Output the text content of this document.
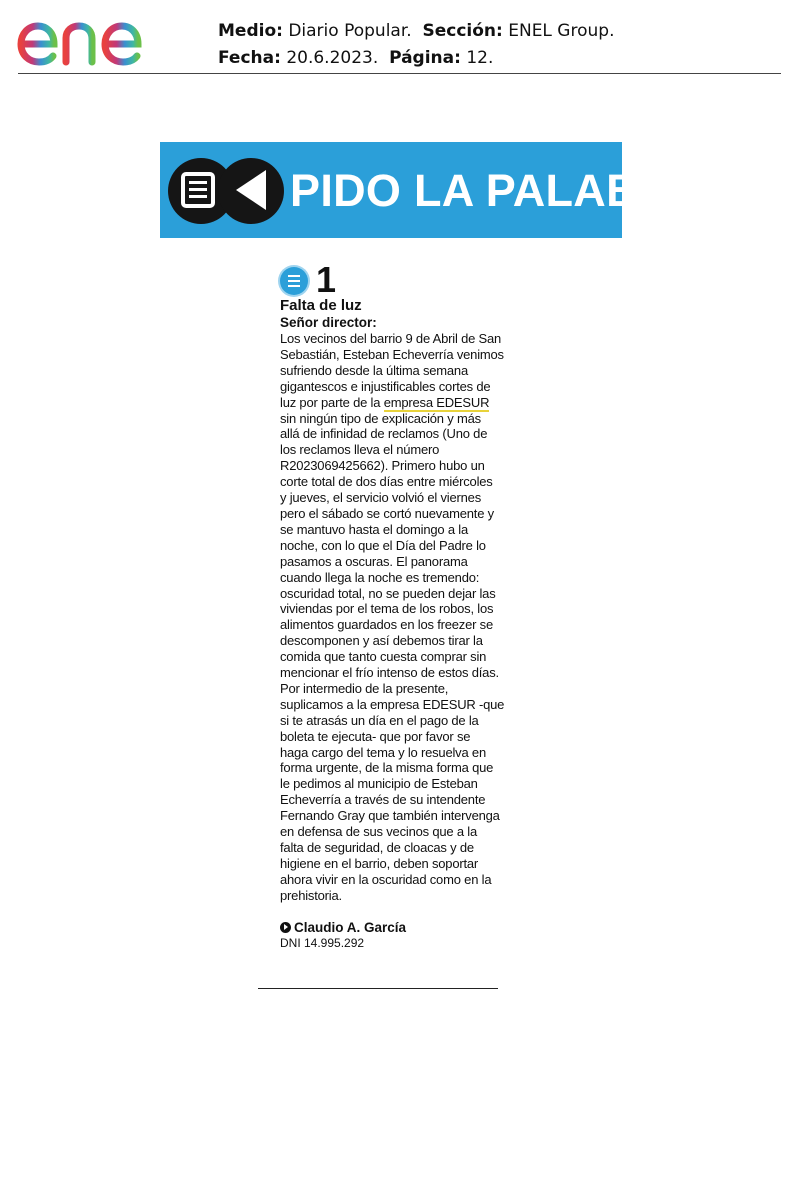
Medio: Diario Popular. Sección: ENEL Group.
Fecha: 20.6.2023. Página: 12.
PIDO LA PALABRA
1
Falta de luz
Señor director:

Los vecinos del barrio 9 de Abril de San
Sebastián, Esteban Echeverría venimos
sufriendo desde la última semana
gigantescos e injustificables cortes de
luz por parte de la empresa EDESUR
sin ningún tipo de explicación y más
allá de infinidad de reclamos (Uno de
los reclamos lleva el número
R2023069425662). Primero hubo un
corte total de dos días entre miércoles
y jueves, el servicio volvió el viernes
pero el sábado se cortó nuevamente y
se mantuvo hasta el domingo a la
noche, con lo que el Día del Padre lo
pasamos a oscuras. El panorama
cuando llega la noche es tremendo:
oscuridad total, no se pueden dejar las
viviendas por el tema de los robos, los
alimentos guardados en los freezer se
descomponen y así debemos tirar la
comida que tanto cuesta comprar sin
mencionar el frío intenso de estos días.
Por intermedio de la presente,
suplicamos a la empresa EDESUR -que
si te atrasás un día en el pago de la
boleta te ejecuta- que por favor se
haga cargo del tema y lo resuelva en
forma urgente, de la misma forma que
le pedimos al municipio de Esteban
Echeverría a través de su intendente
Fernando Gray que también intervenga
en defensa de sus vecinos que a la
falta de seguridad, de cloacas y de
higiene en el barrio, deben soportar
ahora vivir en la oscuridad como en la
prehistoria.

Claudio A. García
DNI 14.995.292
